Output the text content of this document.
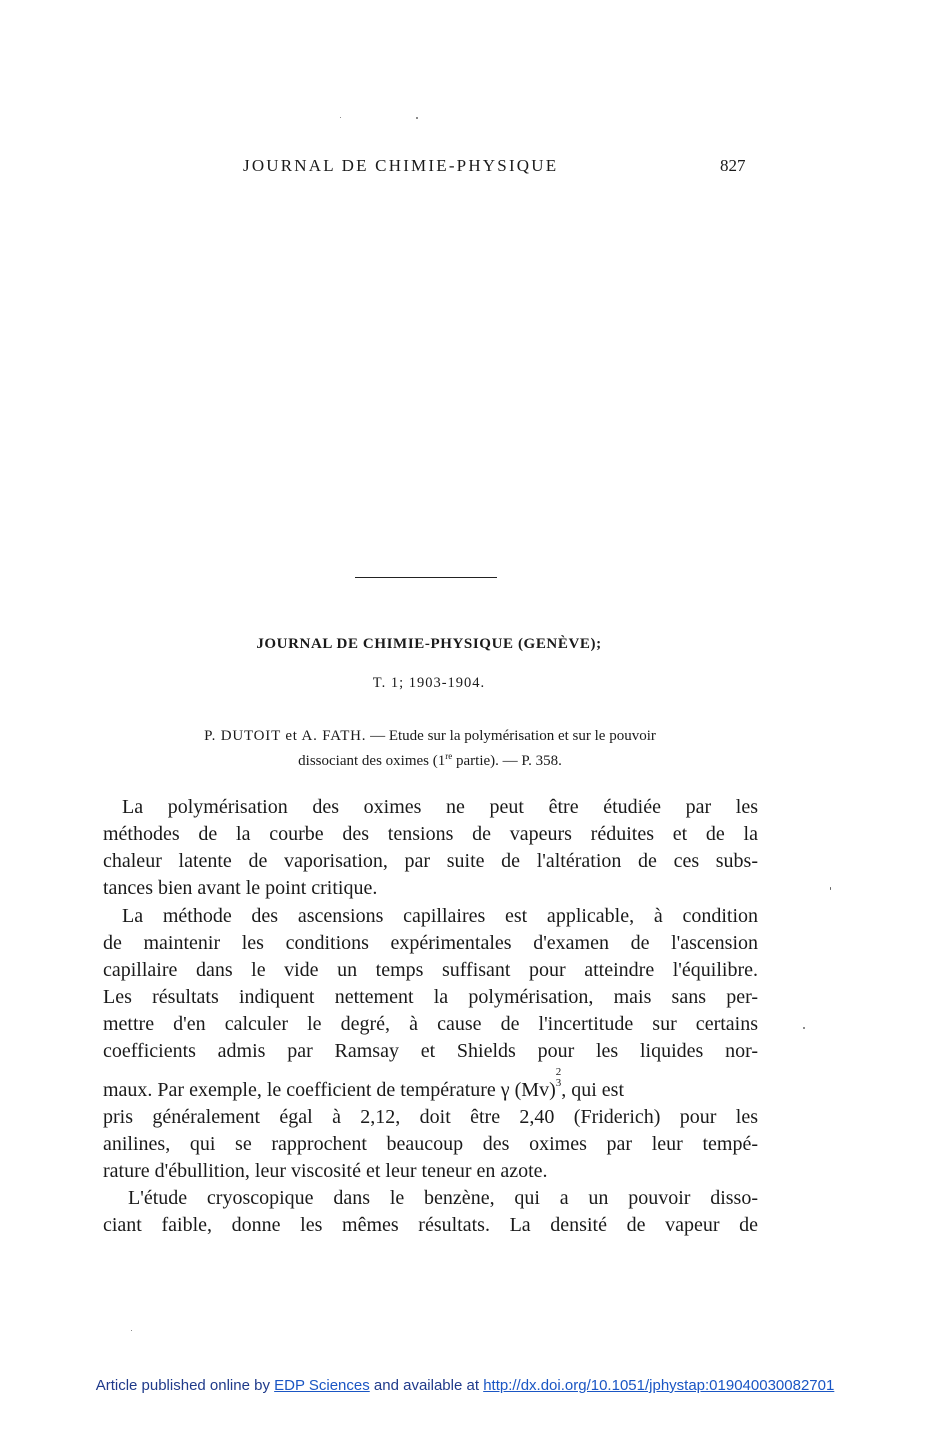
JOURNAL DE CHIMIE-PHYSIQUE	827
JOURNAL DE CHIMIE-PHYSIQUE (GENÈVE);
T. 1; 1903-1904.
P. DUTOIT et A. FATH. — Etude sur la polymérisation et sur le pouvoir
dissociant des oximes (1re partie). — P. 358.
La polymérisation des oximes ne peut être étudiée par les
méthodes de la courbe des tensions de vapeurs réduites et de la
chaleur latente de vaporisation, par suite de l'altération de ces subs-
tances bien avant le point critique.
La méthode des ascensions capillaires est applicable, à condition
de maintenir les conditions expérimentales d'examen de l'ascension
capillaire dans le vide un temps suffisant pour atteindre l'équilibre.
Les résultats indiquent nettement la polymérisation, mais sans per-
mettre d'en calculer le degré, à cause de l'incertitude sur certains
coefficients admis par Ramsay et Shields pour les liquides nor-
maux. Par exemple, le coefficient de température γ (Mv)
2
3 , qui est
pris généralement égal à 2,12, doit être 2,40 (Friderich) pour les
anilines, qui se rapprochent beaucoup des oximes par leur tempé-
rature d'ébullition, leur viscosité et leur teneur en azote.
L'étude cryoscopique dans le benzène, qui a un pouvoir disso-
ciant faible, donne les mêmes résultats. La densité de vapeur de
Article published online by EDP Sciences and available at http://dx.doi.org/10.1051/jphystap:019040030082701
